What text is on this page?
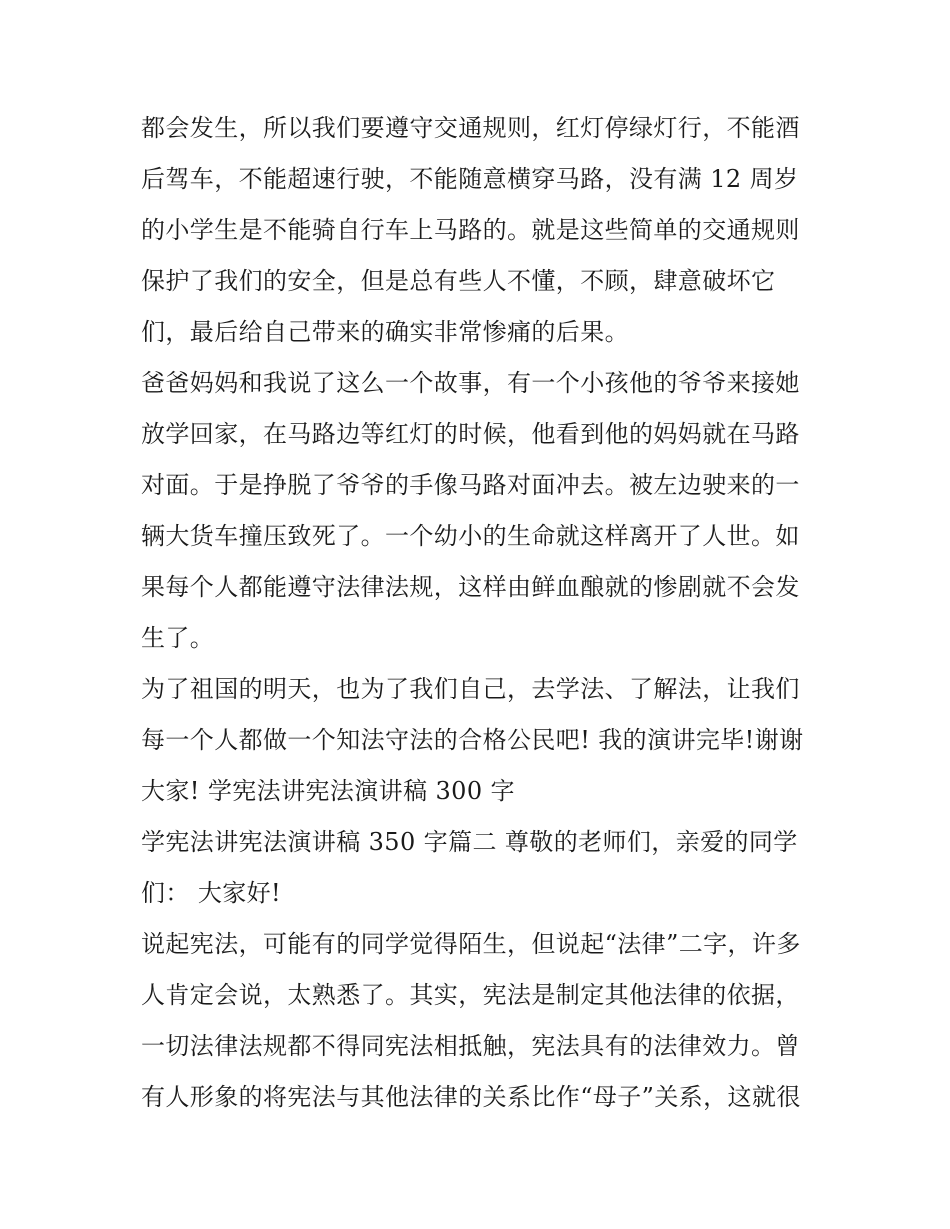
都会发生，所以我们要遵守交通规则，红灯停绿灯行，不能酒
后驾车，不能超速行驶，不能随意横穿马路，没有满 12 周岁
的小学生是不能骑自行车上马路的。就是这些简单的交通规则
保护了我们的安全，但是总有些人不懂，不顾，肆意破坏它
们，最后给自己带来的确实非常惨痛的后果。
爸爸妈妈和我说了这么一个故事，有一个小孩他的爷爷来接她
放学回家，在马路边等红灯的时候，他看到他的妈妈就在马路
对面。于是挣脱了爷爷的手像马路对面冲去。被左边驶来的一
辆大货车撞压致死了。一个幼小的生命就这样离开了人世。如
果每个人都能遵守法律法规，这样由鲜血酿就的惨剧就不会发
生了。
为了祖国的明天，也为了我们自己，去学法、了解法，让我们
每一个人都做一个知法守法的合格公民吧! 我的演讲完毕!谢谢
大家! 学宪法讲宪法演讲稿 300 字
学宪法讲宪法演讲稿 350 字篇二 尊敬的老师们，亲爱的同学
们： 大家好!
说起宪法，可能有的同学觉得陌生，但说起“法律”二字，许多
人肯定会说，太熟悉了。其实，宪法是制定其他法律的依据，
一切法律法规都不得同宪法相抵触，宪法具有的法律效力。曾
有人形象的将宪法与其他法律的关系比作“母子”关系，这就很
